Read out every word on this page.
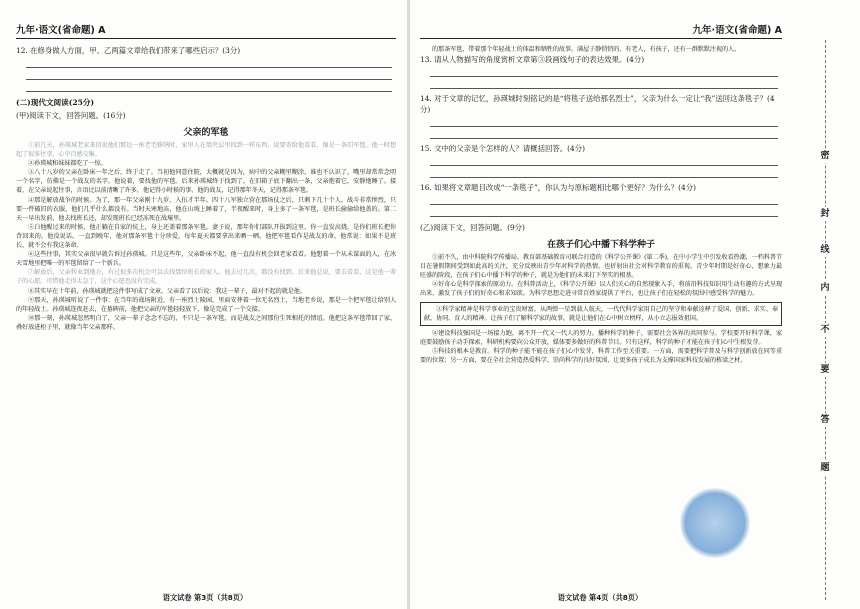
九年·语文(省命题) A

12. 在修身做人方面，甲、乙两篇文章给我们带来了哪些启示？(3分)

(二)现代文阅读(25分)
(甲)阅读下文，回答问题。(16分)
父亲的军毯

①前几天，孙瑛城老家来信说他们那边一座老宅修缮时，家里人在墙夹层里找到一样东西，说要寄给他看看，像是一条旧军毯。他一时想起了很多往事，心中百感交集。

②孙瑛城和妹妹都吃了一惊。

③八十八岁的父亲在卧床一年之后，终于走了。当初他同意住院，大概就是因为，病中的父亲糊里糊涂，谁也不认识了，嘴里却常常念叨一个名字，仿佛是一个战友的名字。他说着，要找他的军毯。后来孙瑛城终于找到了，在旧箱子底下翻出一条，父亲抱着它，安静地睡了。接着，在父亲说起往事，言语比以前清晰了许多，他记得小时候的事，他的战友，记得那年冬天，记得那条军毯。

④那是解放战争的时候。为了，那一年父亲刚十九岁，入伍才半年。四十八军独立营在那场仗之后，只剩下几十个人。战斗非常惨烈，只要一件破旧的衣服，他们几乎什么都没有。当时天寒地冻，他在山坡上睡着了，半夜醒来时，身上多了一条军毯，是班长偷偷给他盖的。第二天一早出发前，他去找班长还，却发现班长已经冻死在战壕里。

⑤白他醒过来的时候，他正躺在自家的炕上，身上还盖着那条军毯。妻子说，那年你们部队开拔到这里，你一直发高烧，是你们班长把你背回来的。他没说话。一直到晚年，他对那条军毯十分珍爱，每年夏天都要拿出来晒一晒。他把军毯看作是战友的命。他常说：如果不是班长，就不会有我这条命。

⑥这些往事，其实父亲很早就告诉过孙瑛城。只是这些年，父亲卧床不起，他一直没有机会回老家看看。他想着一个从未谋面的人，在冰天雪地里把唯一的军毯留给了一个新兵。

⑦解放后，父亲转业到地方，有过很多次机会可以去找那位班长的家人。他去过几次，都没有找到。后来他总说，要去看看，这是他一辈子的心愿。可惜他走得太急了，这个心愿也没有完成。

⑧其实早在十年前，孙瑛城就把这件事写成了文章，父亲看了以后说：我这一辈子，最对不起的就是他。

⑨那天，孙瑛城听说了一件事：在当年的战场附近，有一座烈士陵园，里面安葬着一位无名烈士，当地老乡说，那是一个把军毯让给别人的年轻战士。孙瑛城连夜赶去，在墓碑前，他把父亲的军毯轻轻放下，像是完成了一个交接。

⑩那一刻，孙瑛城忽然明白了，父亲一辈子念念不忘的，不只是一条军毯，而是战友之间那份生死相托的情谊。他把这条军毯带回了家，叠好放进柜子里，就像当年父亲那样。

语文试卷 第3页（共8页）
九年·语文(省命题) A

的那条军毯，带着那个年轻战士的体温和牺牲的故事。满屋子静悄悄的，有老人，有孩子，还有一群默默注视的人。

13. 请从人物描写的角度赏析文章第③段画线句子的表达效果。(4分)

14. 对于文章的记忆，孙瑛城时刻铭记的是“将毯子送给那名烈士”，父亲为什么一定让“我”送回这条毯子？(4分)

15. 文中的父亲是个怎样的人？请概括回答。(4分)

16. 如果将文章题目改成“一条毯子”，你认为与原标题相比哪个更好？为什么？(4分)

(乙)阅读下文，回答问题。(9分)
在孩子们心中播下科学种子

①前不久，由中科院科学传播局、教育部基础教育司联合打造的《科学公开课》(第二季)，在中小学生中引发收看热潮，一档科普节目在暑假期间受到如此高的关注，充分反映出青少年对科学的热情，也折射出社会对科学教育的重视。青少年时期是好奇心、想象力最旺盛的阶段，在孩子们心中播下科学的种子，就是为他们的未来打下坚实的根基。

②好奇心是科学探索的原动力。在科普活动上，《科学公开课》以人们关心的自然现象入手，将前沿科技知识用生动有趣的方式呈现出来，激发了孩子们的好奇心和求知欲。为科学思想走进寻常百姓家提供了平台，也让孩子们在轻松的氛围中感受科学的魅力。

③科学家精神是科学事业的宝贵财富。从两弹一星到载人航天，一代代科学家用自己的坚守和奉献诠释了爱国、创新、求实、奉献、协同、育人的精神。让孩子们了解科学家的故事，就是让他们在心中树立榜样，从小立志报效祖国。

④建设科技强国是一场接力跑，离不开一代又一代人的努力。播种科学的种子，需要社会各界的共同参与。学校要开好科学课，家庭要鼓励孩子动手探索，科研机构要向公众开放，媒体要多做好的科普节目。只有这样，科学的种子才能在孩子们心中生根发芽。

⑤科技的根本是教育。科学的种子能不能在孩子们心中发芽，科普工作至关重要。一方面，需要把科学普及与科学创新放在同等重要的位置；另一方面，要在全社会营造热爱科学、崇尚科学的良好氛围，让更多孩子成长为支撑国家科技发展的栋梁之材。

语文试卷 第4页（共8页）
密
封
线
内
不
要
答
题
